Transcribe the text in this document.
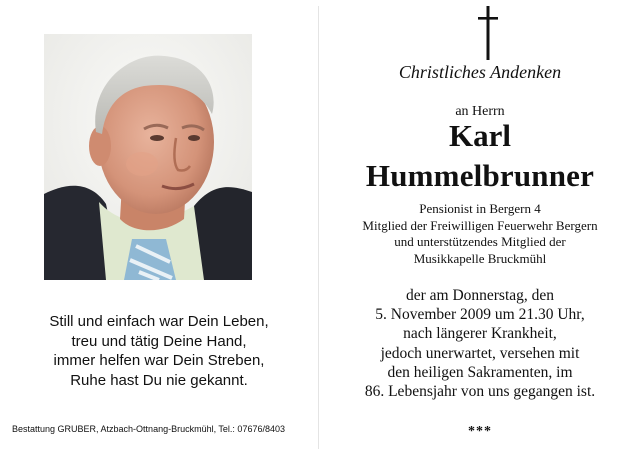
Still und einfach war Dein Leben,
treu und tätig Deine Hand,
immer helfen war Dein Streben,
Ruhe hast Du nie gekannt.
Bestattung GRUBER, Atzbach-Ottnang-Bruckmühl, Tel.: 07676/8403
Christliches Andenken
an Herrn
Karl
Hummelbrunner
Pensionist in Bergern 4
Mitglied der Freiwilligen Feuerwehr Bergern
und unterstützendes Mitglied der
Musikkapelle Bruckmühl
der am Donnerstag, den
5. November 2009 um 21.30 Uhr,
nach längerer Krankheit,
jedoch unerwartet, versehen mit
den heiligen Sakramenten, im
86. Lebensjahr von uns gegangen ist.
***
